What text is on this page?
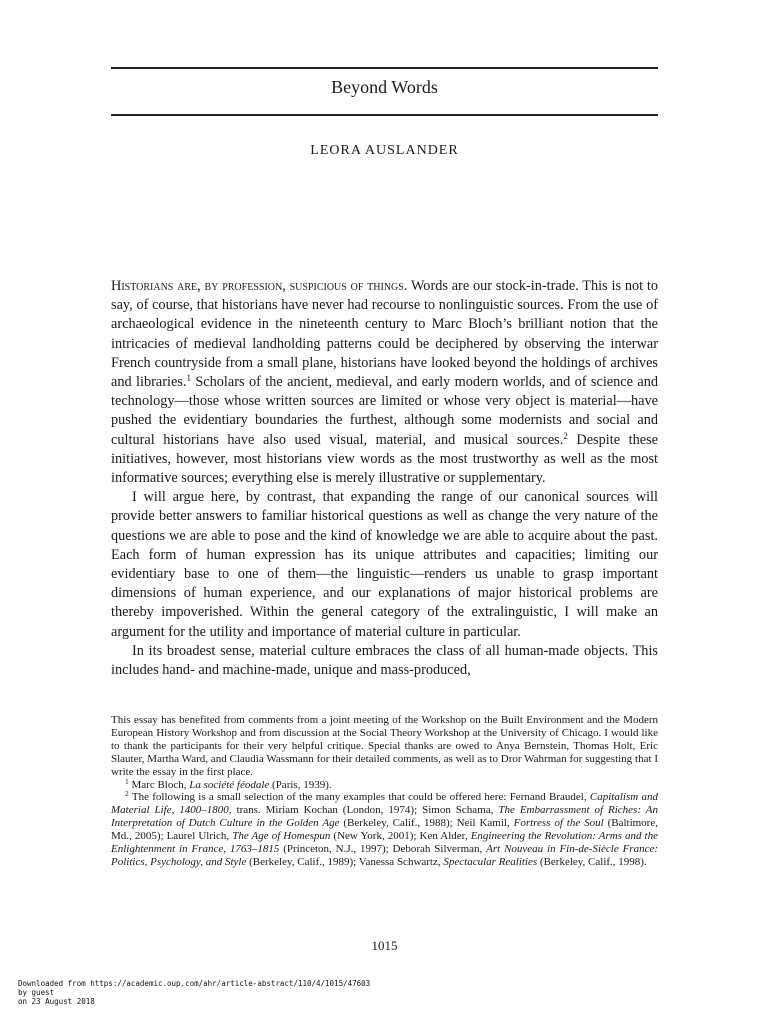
Beyond Words
LEORA AUSLANDER

Historians are, by profession, suspicious of things. Words are our stock-in-trade. This is not to say, of course, that historians have never had recourse to nonlinguistic sources. From the use of archaeological evidence in the nineteenth century to Marc Bloch’s brilliant notion that the intricacies of medieval landholding patterns could be deciphered by observing the interwar French countryside from a small plane, historians have looked beyond the holdings of archives and libraries.$^1$ Scholars of the ancient, medieval, and early modern worlds, and of science and technology—those whose written sources are limited or whose very object is material—have pushed the evidentiary boundaries the furthest, although some modernists and social and cultural historians have also used visual, material, and musical sources.$^2$ Despite these initiatives, however, most historians view words as the most trustworthy as well as the most informative sources; everything else is merely illustrative or supplementary.

I will argue here, by contrast, that expanding the range of our canonical sources will provide better answers to familiar historical questions as well as change the very nature of the questions we are able to pose and the kind of knowledge we are able to acquire about the past. Each form of human expression has its unique attributes and capacities; limiting our evidentiary base to one of them—the linguistic—renders us unable to grasp important dimensions of human experience, and our explanations of major historical problems are thereby impoverished. Within the general category of the extralinguistic, I will make an argument for the utility and importance of material culture in particular.

In its broadest sense, material culture embraces the class of all human-made objects. This includes hand- and machine-made, unique and mass-produced,

This essay has benefited from comments from a joint meeting of the Workshop on the Built Environment and the Modern European History Workshop and from discussion at the Social Theory Workshop at the University of Chicago. I would like to thank the participants for their very helpful critique. Special thanks are owed to Anya Bernstein, Thomas Holt, Eric Slauter, Martha Ward, and Claudia Wassmann for their detailed comments, as well as to Dror Wahrman for suggesting that I write the essay in the first place.

$^1$ Marc Bloch, La société féodale (Paris, 1939).

$^2$ The following is a small selection of the many examples that could be offered here: Fernand Braudel, Capitalism and Material Life, 1400–1800, trans. Miriam Kochan (London, 1974); Simon Schama, The Embarrassment of Riches: An Interpretation of Dutch Culture in the Golden Age (Berkeley, Calif., 1988); Neil Kamil, Fortress of the Soul (Baltimore, Md., 2005); Laurel Ulrich, The Age of Homespun (New York, 2001); Ken Alder, Engineering the Revolution: Arms and the Enlightenment in France, 1763–1815 (Princeton, N.J., 1997); Deborah Silverman, Art Nouveau in Fin-de-Siècle France: Politics, Psychology, and Style (Berkeley, Calif., 1989); Vanessa Schwartz, Spectacular Realities (Berkeley, Calif., 1998).

1015
Downloaded from https://academic.oup.com/ahr/article-abstract/110/4/1015/47603
by guest
on 23 August 2018
